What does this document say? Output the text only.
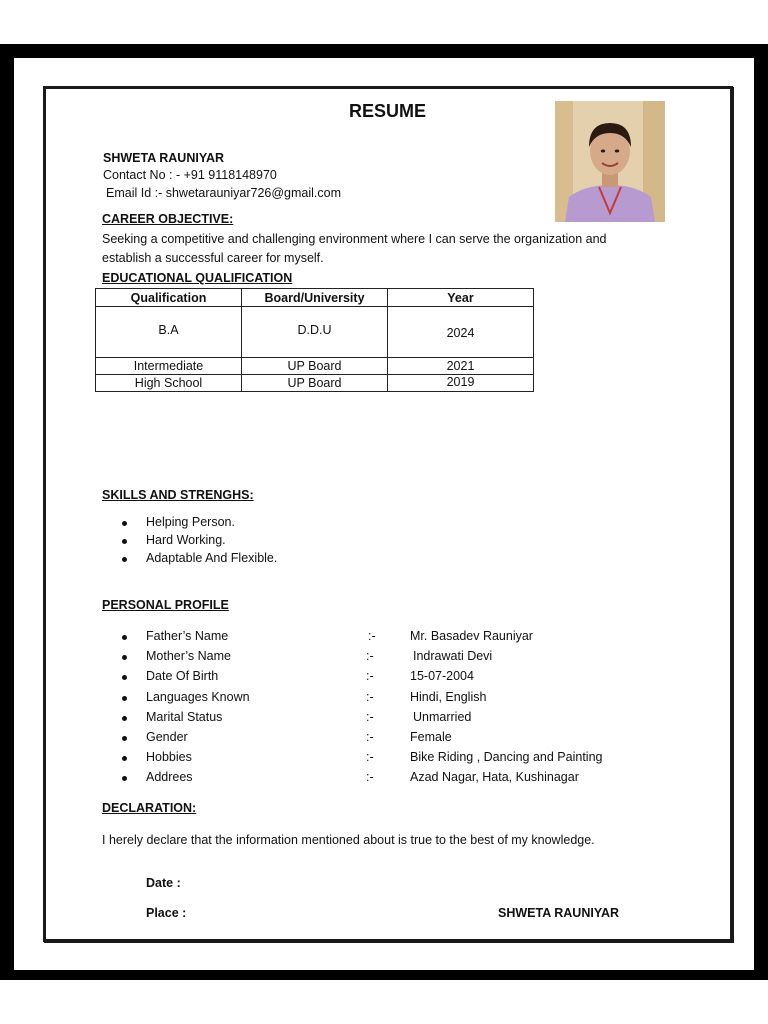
RESUME
SHWETA RAUNIYAR
Contact No : - +91 9118148970
Email Id :- shwetarauniyar726@gmail.com
CAREER OBJECTIVE:
Seeking a competitive and challenging environment where I can serve the organization and
establish a successful career for myself.
EDUCATIONAL QUALIFICATION
Qualification	Board/University	Year
B.A	D.D.U	2024
Intermediate	UP Board	2021
High School	UP Board	2019
SKILLS AND STRENGHS:
Helping Person.
Hard Working.
Adaptable And Flexible.
PERSONAL PROFILE
Father’s Name	:-	Mr. Basadev Rauniyar
Mother’s Name	:-	Indrawati Devi
Date Of Birth	:-	15-07-2004
Languages Known	:-	Hindi, English
Marital Status	:-	Unmarried
Gender	:-	Female
Hobbies	:-	Bike Riding , Dancing and Painting
Addrees	:-	Azad Nagar, Hata, Kushinagar
DECLARATION:
I herely declare that the information mentioned about is true to the best of my knowledge.
Date :
Place :	SHWETA RAUNIYAR
